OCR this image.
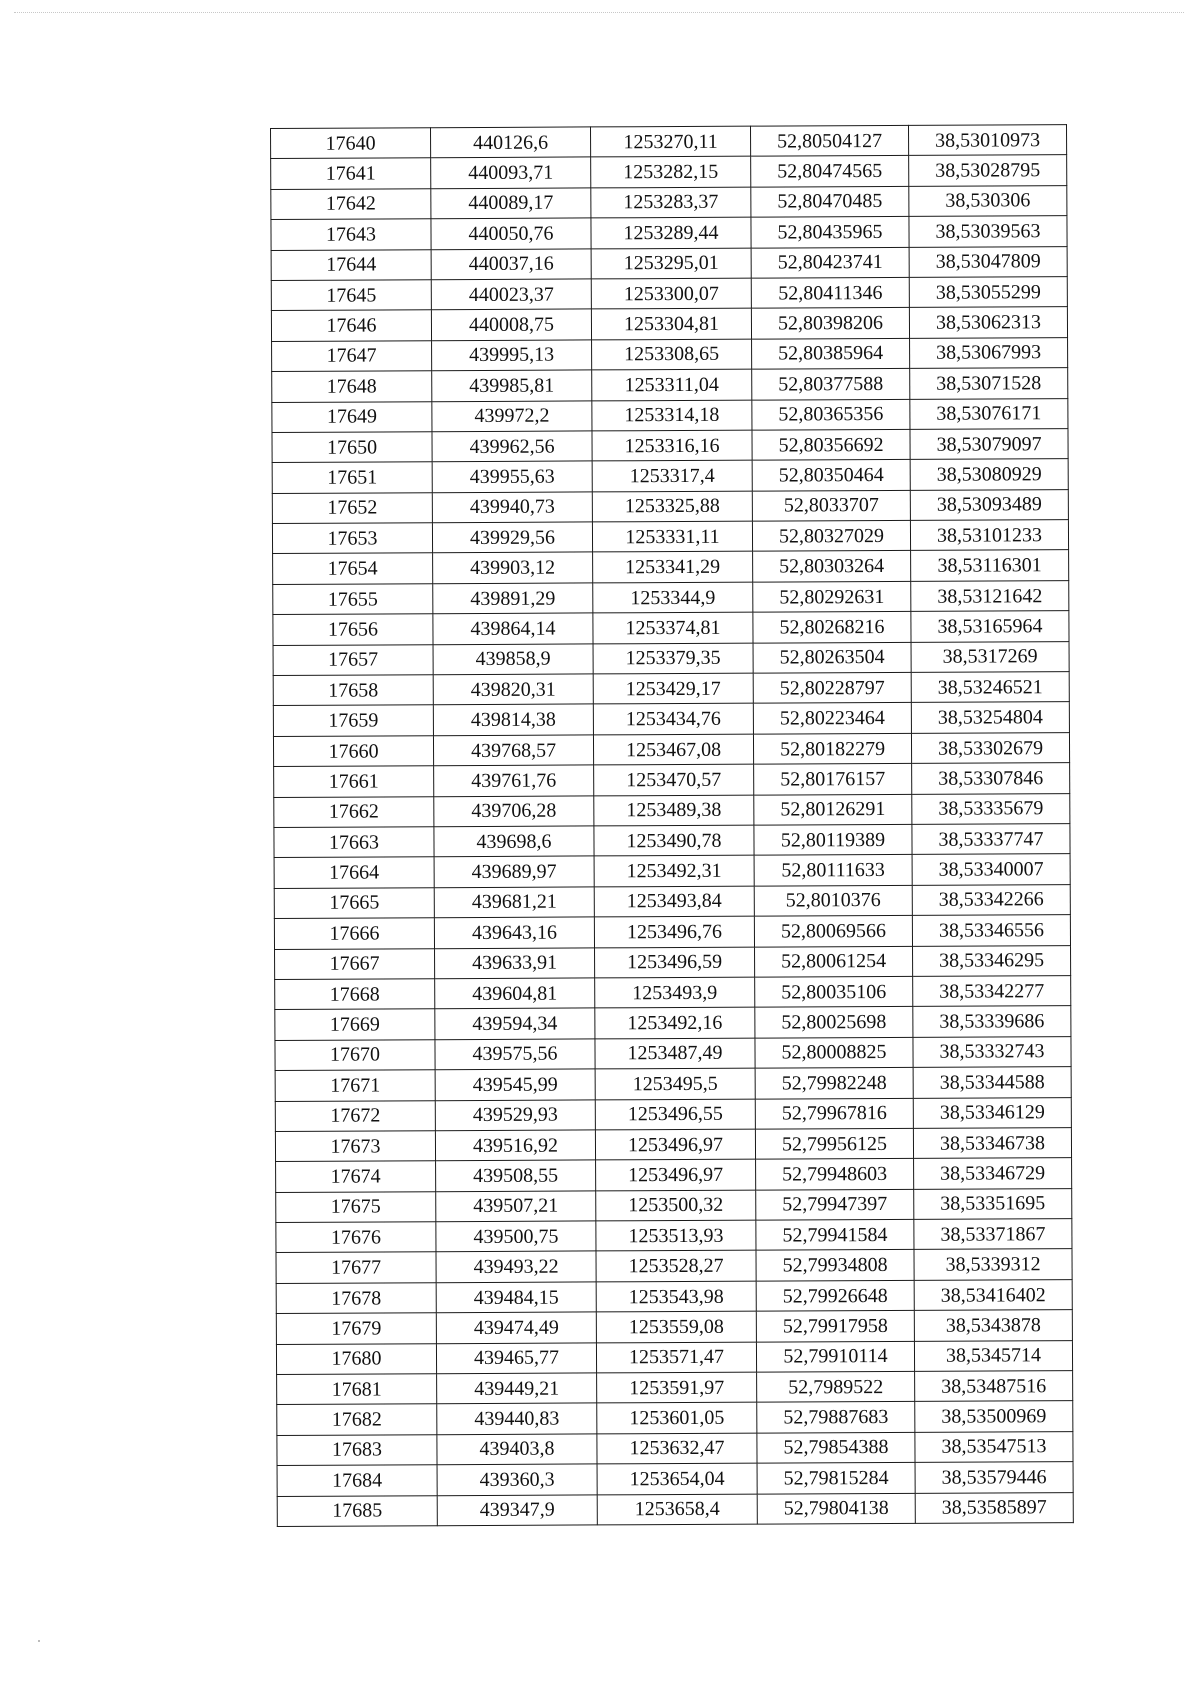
17640	440126,6	1253270,11	52,80504127	38,53010973
17641	440093,71	1253282,15	52,80474565	38,53028795
17642	440089,17	1253283,37	52,80470485	38,530306
17643	440050,76	1253289,44	52,80435965	38,53039563
17644	440037,16	1253295,01	52,80423741	38,53047809
17645	440023,37	1253300,07	52,80411346	38,53055299
17646	440008,75	1253304,81	52,80398206	38,53062313
17647	439995,13	1253308,65	52,80385964	38,53067993
17648	439985,81	1253311,04	52,80377588	38,53071528
17649	439972,2	1253314,18	52,80365356	38,53076171
17650	439962,56	1253316,16	52,80356692	38,53079097
17651	439955,63	1253317,4	52,80350464	38,53080929
17652	439940,73	1253325,88	52,8033707	38,53093489
17653	439929,56	1253331,11	52,80327029	38,53101233
17654	439903,12	1253341,29	52,80303264	38,53116301
17655	439891,29	1253344,9	52,80292631	38,53121642
17656	439864,14	1253374,81	52,80268216	38,53165964
17657	439858,9	1253379,35	52,80263504	38,5317269
17658	439820,31	1253429,17	52,80228797	38,53246521
17659	439814,38	1253434,76	52,80223464	38,53254804
17660	439768,57	1253467,08	52,80182279	38,53302679
17661	439761,76	1253470,57	52,80176157	38,53307846
17662	439706,28	1253489,38	52,80126291	38,53335679
17663	439698,6	1253490,78	52,80119389	38,53337747
17664	439689,97	1253492,31	52,80111633	38,53340007
17665	439681,21	1253493,84	52,8010376	38,53342266
17666	439643,16	1253496,76	52,80069566	38,53346556
17667	439633,91	1253496,59	52,80061254	38,53346295
17668	439604,81	1253493,9	52,80035106	38,53342277
17669	439594,34	1253492,16	52,80025698	38,53339686
17670	439575,56	1253487,49	52,80008825	38,53332743
17671	439545,99	1253495,5	52,79982248	38,53344588
17672	439529,93	1253496,55	52,79967816	38,53346129
17673	439516,92	1253496,97	52,79956125	38,53346738
17674	439508,55	1253496,97	52,79948603	38,53346729
17675	439507,21	1253500,32	52,79947397	38,53351695
17676	439500,75	1253513,93	52,79941584	38,53371867
17677	439493,22	1253528,27	52,79934808	38,5339312
17678	439484,15	1253543,98	52,79926648	38,53416402
17679	439474,49	1253559,08	52,79917958	38,5343878
17680	439465,77	1253571,47	52,79910114	38,5345714
17681	439449,21	1253591,97	52,7989522	38,53487516
17682	439440,83	1253601,05	52,79887683	38,53500969
17683	439403,8	1253632,47	52,79854388	38,53547513
17684	439360,3	1253654,04	52,79815284	38,53579446
17685	439347,9	1253658,4	52,79804138	38,53585897
